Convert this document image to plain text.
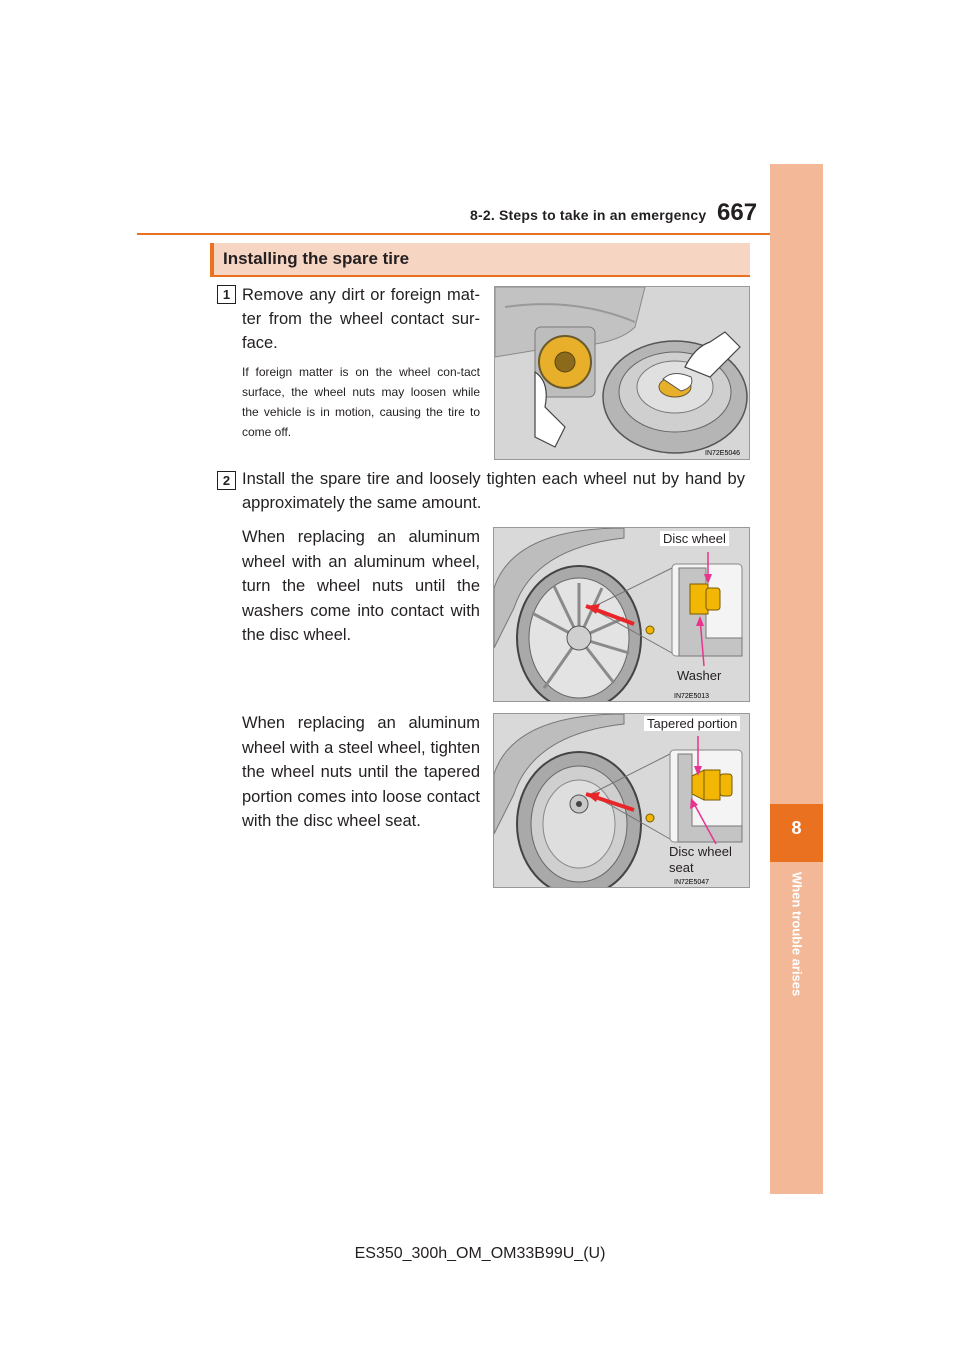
8-2. Steps to take in an emergency 667
8
When trouble arises
Installing the spare tire
1 Remove any dirt or foreign mat-ter from the wheel contact sur-face.
If foreign matter is on the wheel con-tact surface, the wheel nuts may loosen while the vehicle is in motion, causing the tire to come off.
IN72E5046
2 Install the spare tire and loosely tighten each wheel nut by hand by approximately the same amount.
When replacing an aluminum wheel with an aluminum wheel, turn the wheel nuts until the washers come into contact with the disc wheel.
IN72E5013
Disc wheel
Washer
When replacing an aluminum wheel with a steel wheel, tighten the wheel nuts until the tapered portion comes into loose contact with the disc wheel seat.
IN72E5047
Tapered portion
Disc wheel
seat
ES350_300h_OM_OM33B99U_(U)
